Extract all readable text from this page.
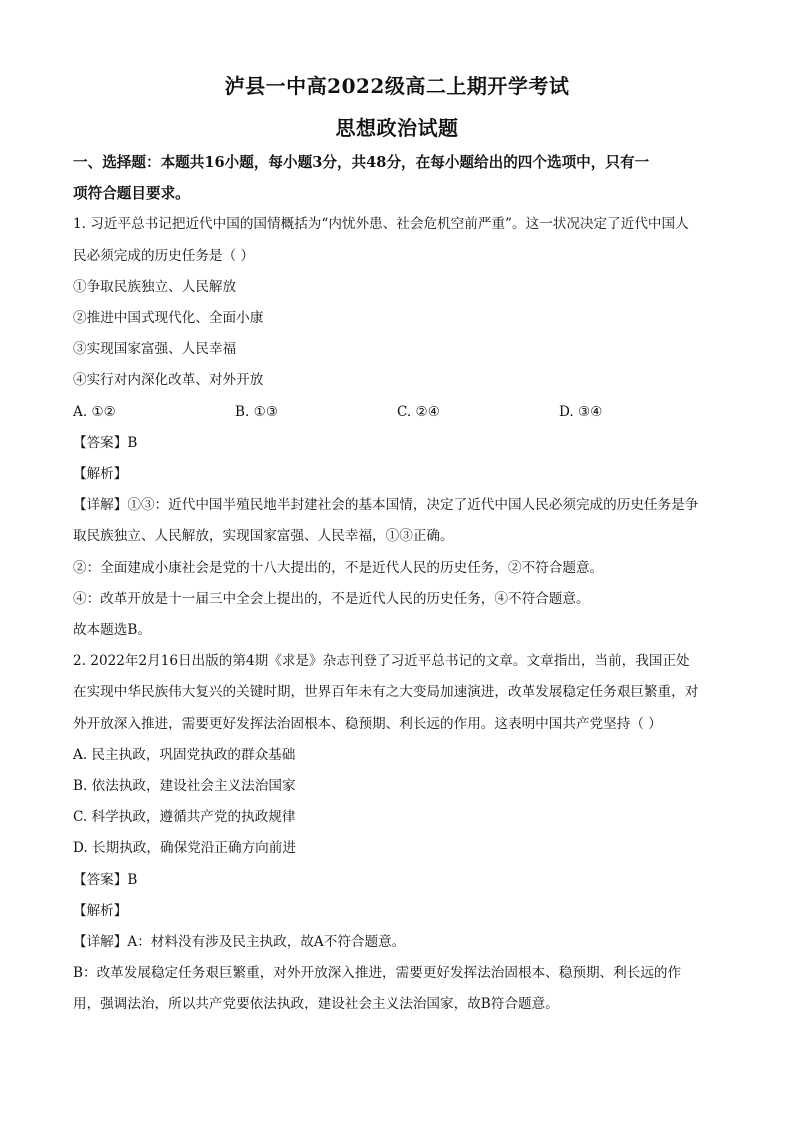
泸县一中高2022级高二上期开学考试
思想政治试题

一、选择题：本题共16小题，每小题3分，共48分，在每小题给出的四个选项中，只有一

项符合题目要求。

1. 习近平总书记把近代中国的国情概括为“内忧外患、社会危机空前严重”。这一状况决定了近代中国人

民必须完成的历史任务是（ ）

①争取民族独立、人民解放

②推进中国式现代化、全面小康

③实现国家富强、人民幸福

④实行对内深化改革、对外开放

A. ①②	B. ①③	C. ②④	D. ③④

【答案】B

【解析】

【详解】①③：近代中国半殖民地半封建社会的基本国情，决定了近代中国人民必须完成的历史任务是争

取民族独立、人民解放，实现国家富强、人民幸福，①③正确。

②：全面建成小康社会是党的十八大提出的，不是近代人民的历史任务，②不符合题意。

④：改革开放是十一届三中全会上提出的，不是近代人民的历史任务，④不符合题意。

故本题选B。

2. 2022年2月16日出版的第4期《求是》杂志刊登了习近平总书记的文章。文章指出，当前，我国正处

在实现中华民族伟大复兴的关键时期，世界百年未有之大变局加速演进，改革发展稳定任务艰巨繁重，对

外开放深入推进，需要更好发挥法治固根本、稳预期、利长远的作用。这表明中国共产党坚持（ ）

A. 民主执政，巩固党执政的群众基础

B. 依法执政，建设社会主义法治国家

C. 科学执政，遵循共产党的执政规律

D. 长期执政，确保党沿正确方向前进

【答案】B

【解析】

【详解】A：材料没有涉及民主执政，故A不符合题意。

B：改革发展稳定任务艰巨繁重，对外开放深入推进，需要更好发挥法治固根本、稳预期、利长远的作

用，强调法治，所以共产党要依法执政，建设社会主义法治国家，故B符合题意。
